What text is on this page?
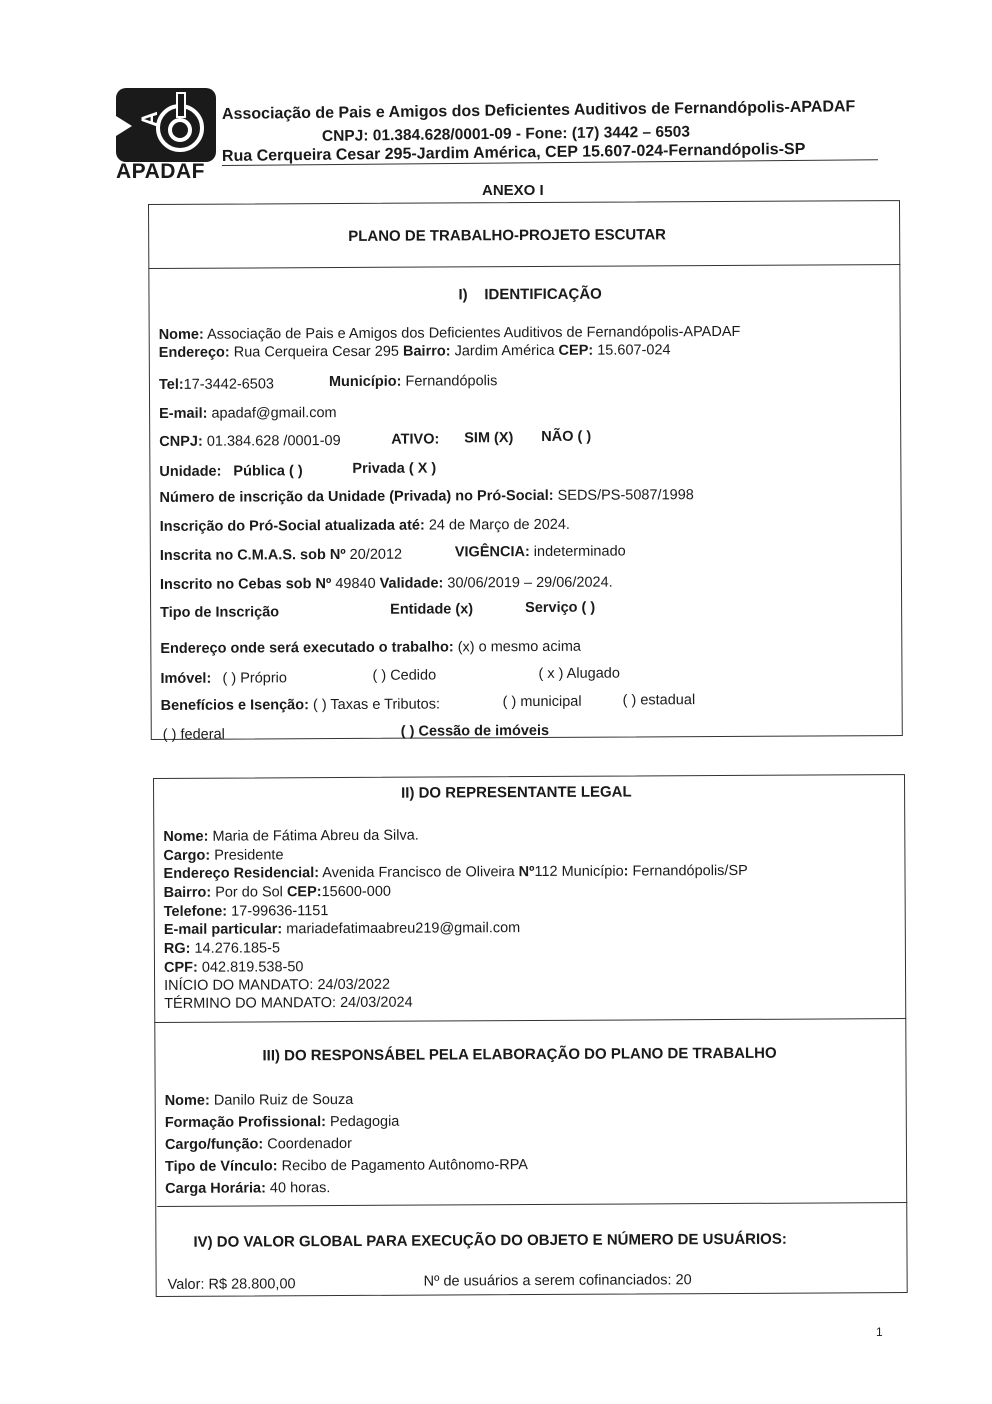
A
APADAF
Associação de Pais e Amigos dos Deficientes Auditivos de Fernandópolis-APADAF
CNPJ: 01.384.628/0001-09 - Fone: (17) 3442 – 6503
Rua Cerqueira Cesar 295-Jardim América, CEP 15.607-024-Fernandópolis-SP
ANEXO I
PLANO DE TRABALHO-PROJETO ESCUTAR
I) IDENTIFICAÇÃO
Nome: Associação de Pais e Amigos dos Deficientes Auditivos de Fernandópolis-APADAF
Endereço: Rua Cerqueira Cesar 295 Bairro: Jardim América CEP: 15.607-024
Tel:17-3442-6503	Município: Fernandópolis
E-mail: apadaf@gmail.com
CNPJ: 01.384.628 /0001-09	ATIVO: SIM (X) NÃO ( )
Unidade: Pública ( )	Privada ( X )
Número de inscrição da Unidade (Privada) no Pró-Social: SEDS/PS-5087/1998
Inscrição do Pró-Social atualizada até: 24 de Março de 2024.
Inscrita no C.M.A.S. sob Nº 20/2012	VIGÊNCIA: indeterminado
Inscrito no Cebas sob Nº 49840 Validade: 30/06/2019 – 29/06/2024.
Tipo de Inscrição	Entidade (x)	Serviço ( )
Endereço onde será executado o trabalho: (x) o mesmo acima
Imóvel: ( ) Próprio	( ) Cedido	( x ) Alugado
Benefícios e Isenção: ( ) Taxas e Tributos:	( ) municipal	( ) estadual
( ) federal	( ) Cessão de imóveis
II) DO REPRESENTANTE LEGAL
Nome: Maria de Fátima Abreu da Silva.
Cargo: Presidente
Endereço Residencial: Avenida Francisco de Oliveira Nº112 Município: Fernandópolis/SP
Bairro: Por do Sol CEP:15600-000
Telefone: 17-99636-1151
E-mail particular: mariadefatimaabreu219@gmail.com
RG: 14.276.185-5
CPF: 042.819.538-50
INÍCIO DO MANDATO: 24/03/2022
TÉRMINO DO MANDATO: 24/03/2024
III) DO RESPONSÁBEL PELA ELABORAÇÃO DO PLANO DE TRABALHO
Nome: Danilo Ruiz de Souza
Formação Profissional: Pedagogia
Cargo/função: Coordenador
Tipo de Vínculo: Recibo de Pagamento Autônomo-RPA
Carga Horária: 40 horas.
IV) DO VALOR GLOBAL PARA EXECUÇÃO DO OBJETO E NÚMERO DE USUÁRIOS:
Valor: R$ 28.800,00	Nº de usuários a serem cofinanciados: 20
1
